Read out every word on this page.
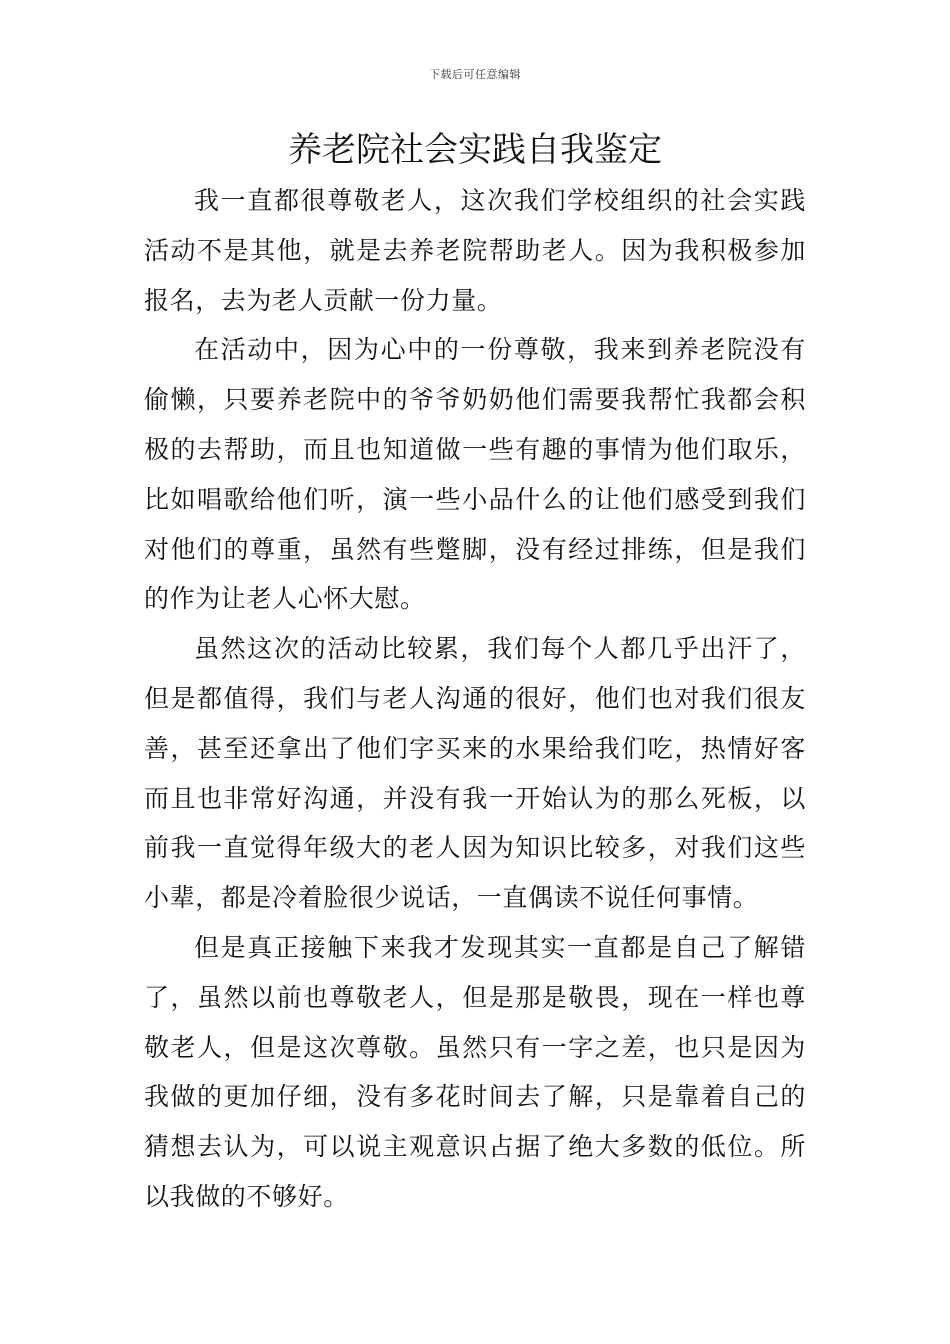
下载后可任意编辑
养老院社会实践自我鉴定

我一直都很尊敬老人，这次我们学校组织的社会实践活动不是其他，就是去养老院帮助老人。因为我积极参加报名，去为老人贡献一份力量。

在活动中，因为心中的一份尊敬，我来到养老院没有偷懒，只要养老院中的爷爷奶奶他们需要我帮忙我都会积极的去帮助，而且也知道做一些有趣的事情为他们取乐，比如唱歌给他们听，演一些小品什么的让他们感受到我们对他们的尊重，虽然有些蹩脚，没有经过排练，但是我们的作为让老人心怀大慰。

虽然这次的活动比较累，我们每个人都几乎出汗了，但是都值得，我们与老人沟通的很好，他们也对我们很友善，甚至还拿出了他们字买来的水果给我们吃，热情好客而且也非常好沟通，并没有我一开始认为的那么死板，以前我一直觉得年级大的老人因为知识比较多，对我们这些小辈，都是冷着脸很少说话，一直偶读不说任何事情。

但是真正接触下来我才发现其实一直都是自己了解错了，虽然以前也尊敬老人，但是那是敬畏，现在一样也尊敬老人，但是这次尊敬。虽然只有一字之差，也只是因为我做的更加仔细，没有多花时间去了解，只是靠着自己的猜想去认为，可以说主观意识占据了绝大多数的低位。所以我做的不够好。
